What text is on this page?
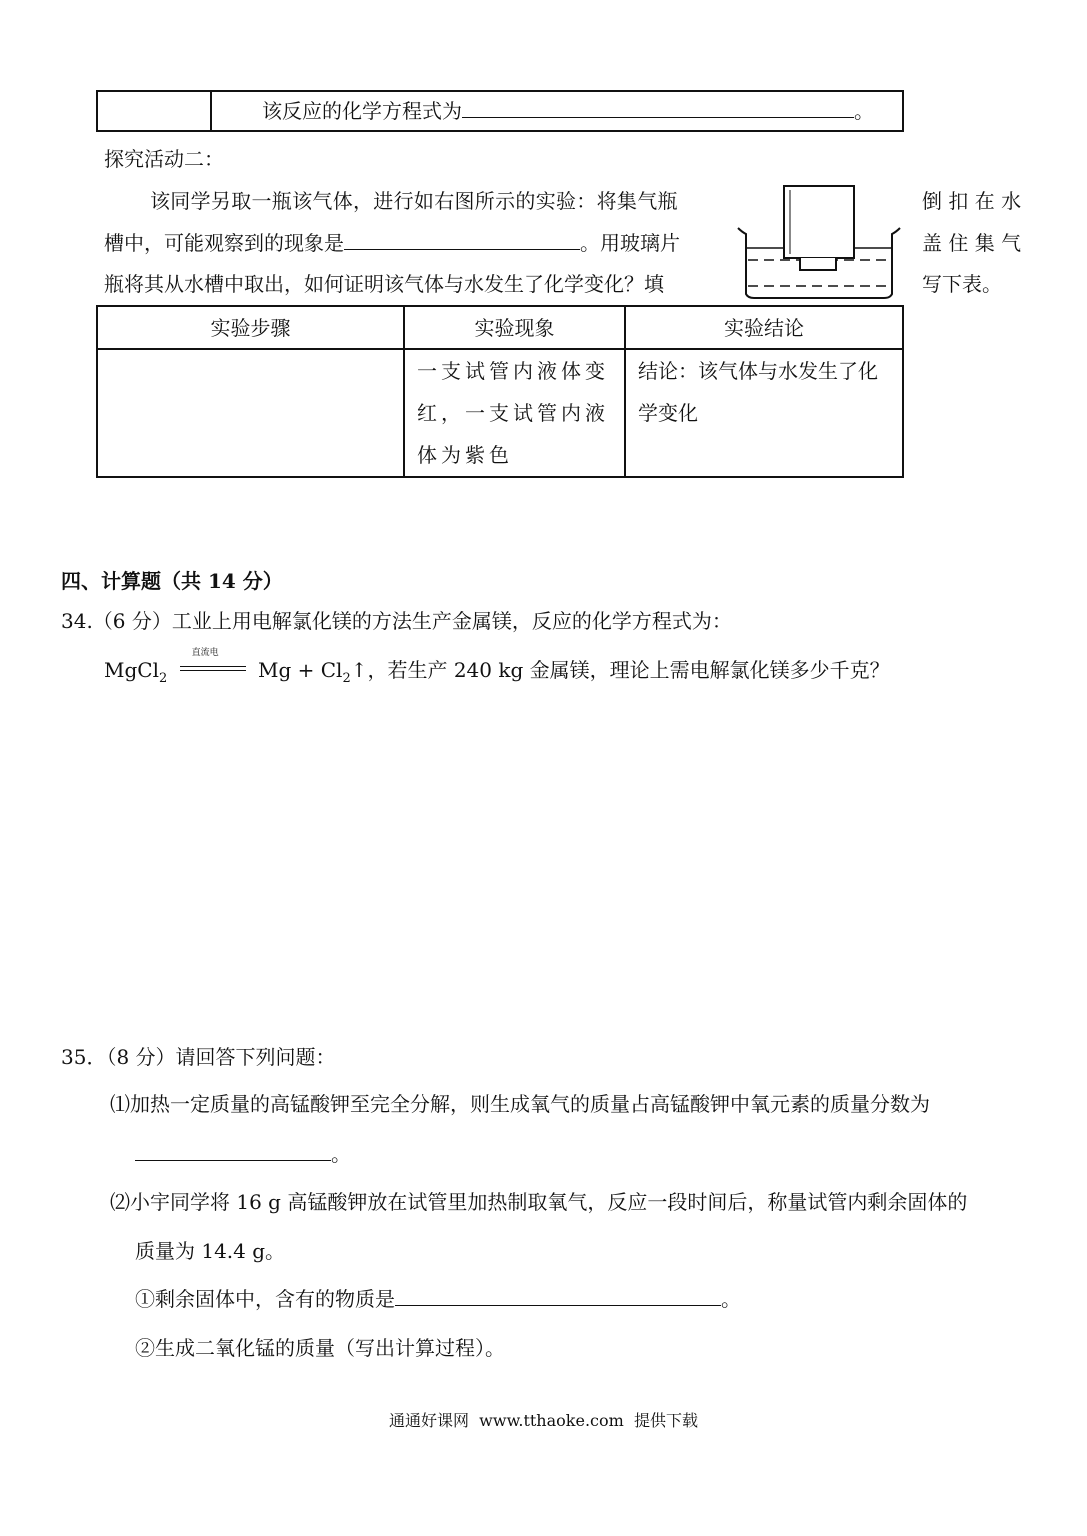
	该反应的化学方程式为	。
探究活动二：
该同学另取一瓶该气体，进行如右图所示的实验：将集气瓶
槽中，可能观察到的现象是	。用玻璃片
瓶将其从水槽中取出，如何证明该气体与水发生了化学变化？填
倒 扣 在 水
盖 住 集 气
写下表。
实验步骤	实验现象	实验结论
	一支试管内液体变红，一支试管内液体为紫色	结论：该气体与水发生了化学变化
四、计算题（共 14 分）
34.（6 分）工业上用电解氯化镁的方法生产金属镁，反应的化学方程式为：
MgCl$_2$
直流电
$Mg + Cl_2↑$，若生产 240 kg 金属镁，理论上需电解氯化镁多少千克？
35．（8 分）请回答下列问题：
⑴加热一定质量的高锰酸钾至完全分解，则生成氧气的质量占高锰酸钾中氧元素的质量分数为
。
⑵小宇同学将 16 g 高锰酸钾放在试管里加热制取氧气，反应一段时间后，称量试管内剩余固体的
质量为 14.4 g。
①剩余固体中，含有的物质是	。
②生成二氧化锰的质量（写出计算过程）。
通通好课网  www.tthaoke.com  提供下载
